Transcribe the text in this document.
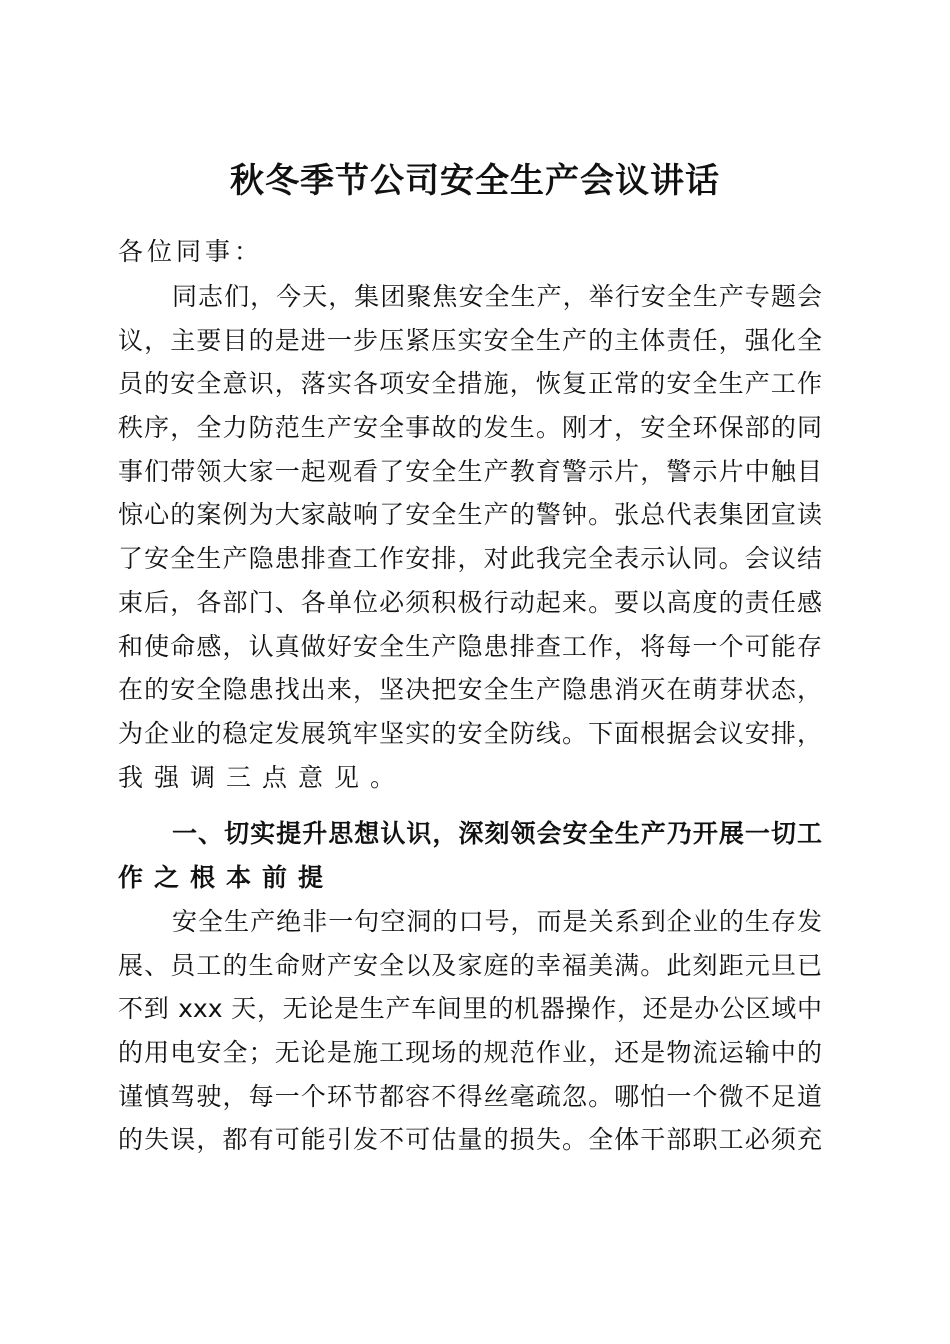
秋冬季节公司安全生产会议讲话
各位同事：
同志们，今天，集团聚焦安全生产，举行安全生产专题会
议，主要目的是进一步压紧压实安全生产的主体责任，强化全
员的安全意识，落实各项安全措施，恢复正常的安全生产工作
秩序，全力防范生产安全事故的发生。刚才，安全环保部的同
事们带领大家一起观看了安全生产教育警示片，警示片中触目
惊心的案例为大家敲响了安全生产的警钟。张总代表集团宣读
了安全生产隐患排查工作安排，对此我完全表示认同。会议结
束后，各部门、各单位必须积极行动起来。要以高度的责任感
和使命感，认真做好安全生产隐患排查工作，将每一个可能存
在的安全隐患找出来，坚决把安全生产隐患消灭在萌芽状态，
为企业的稳定发展筑牢坚实的安全防线。下面根据会议安排，
我强调三点意见。
一、切实提升思想认识，深刻领会安全生产乃开展一切工
作之根本前提
安全生产绝非一句空洞的口号，而是关系到企业的生存发
展、员工的生命财产安全以及家庭的幸福美满。此刻距元旦已
不到 xxx 天，无论是生产车间里的机器操作，还是办公区域中
的用电安全；无论是施工现场的规范作业，还是物流运输中的
谨慎驾驶，每一个环节都容不得丝毫疏忽。哪怕一个微不足道
的失误，都有可能引发不可估量的损失。全体干部职工必须充
